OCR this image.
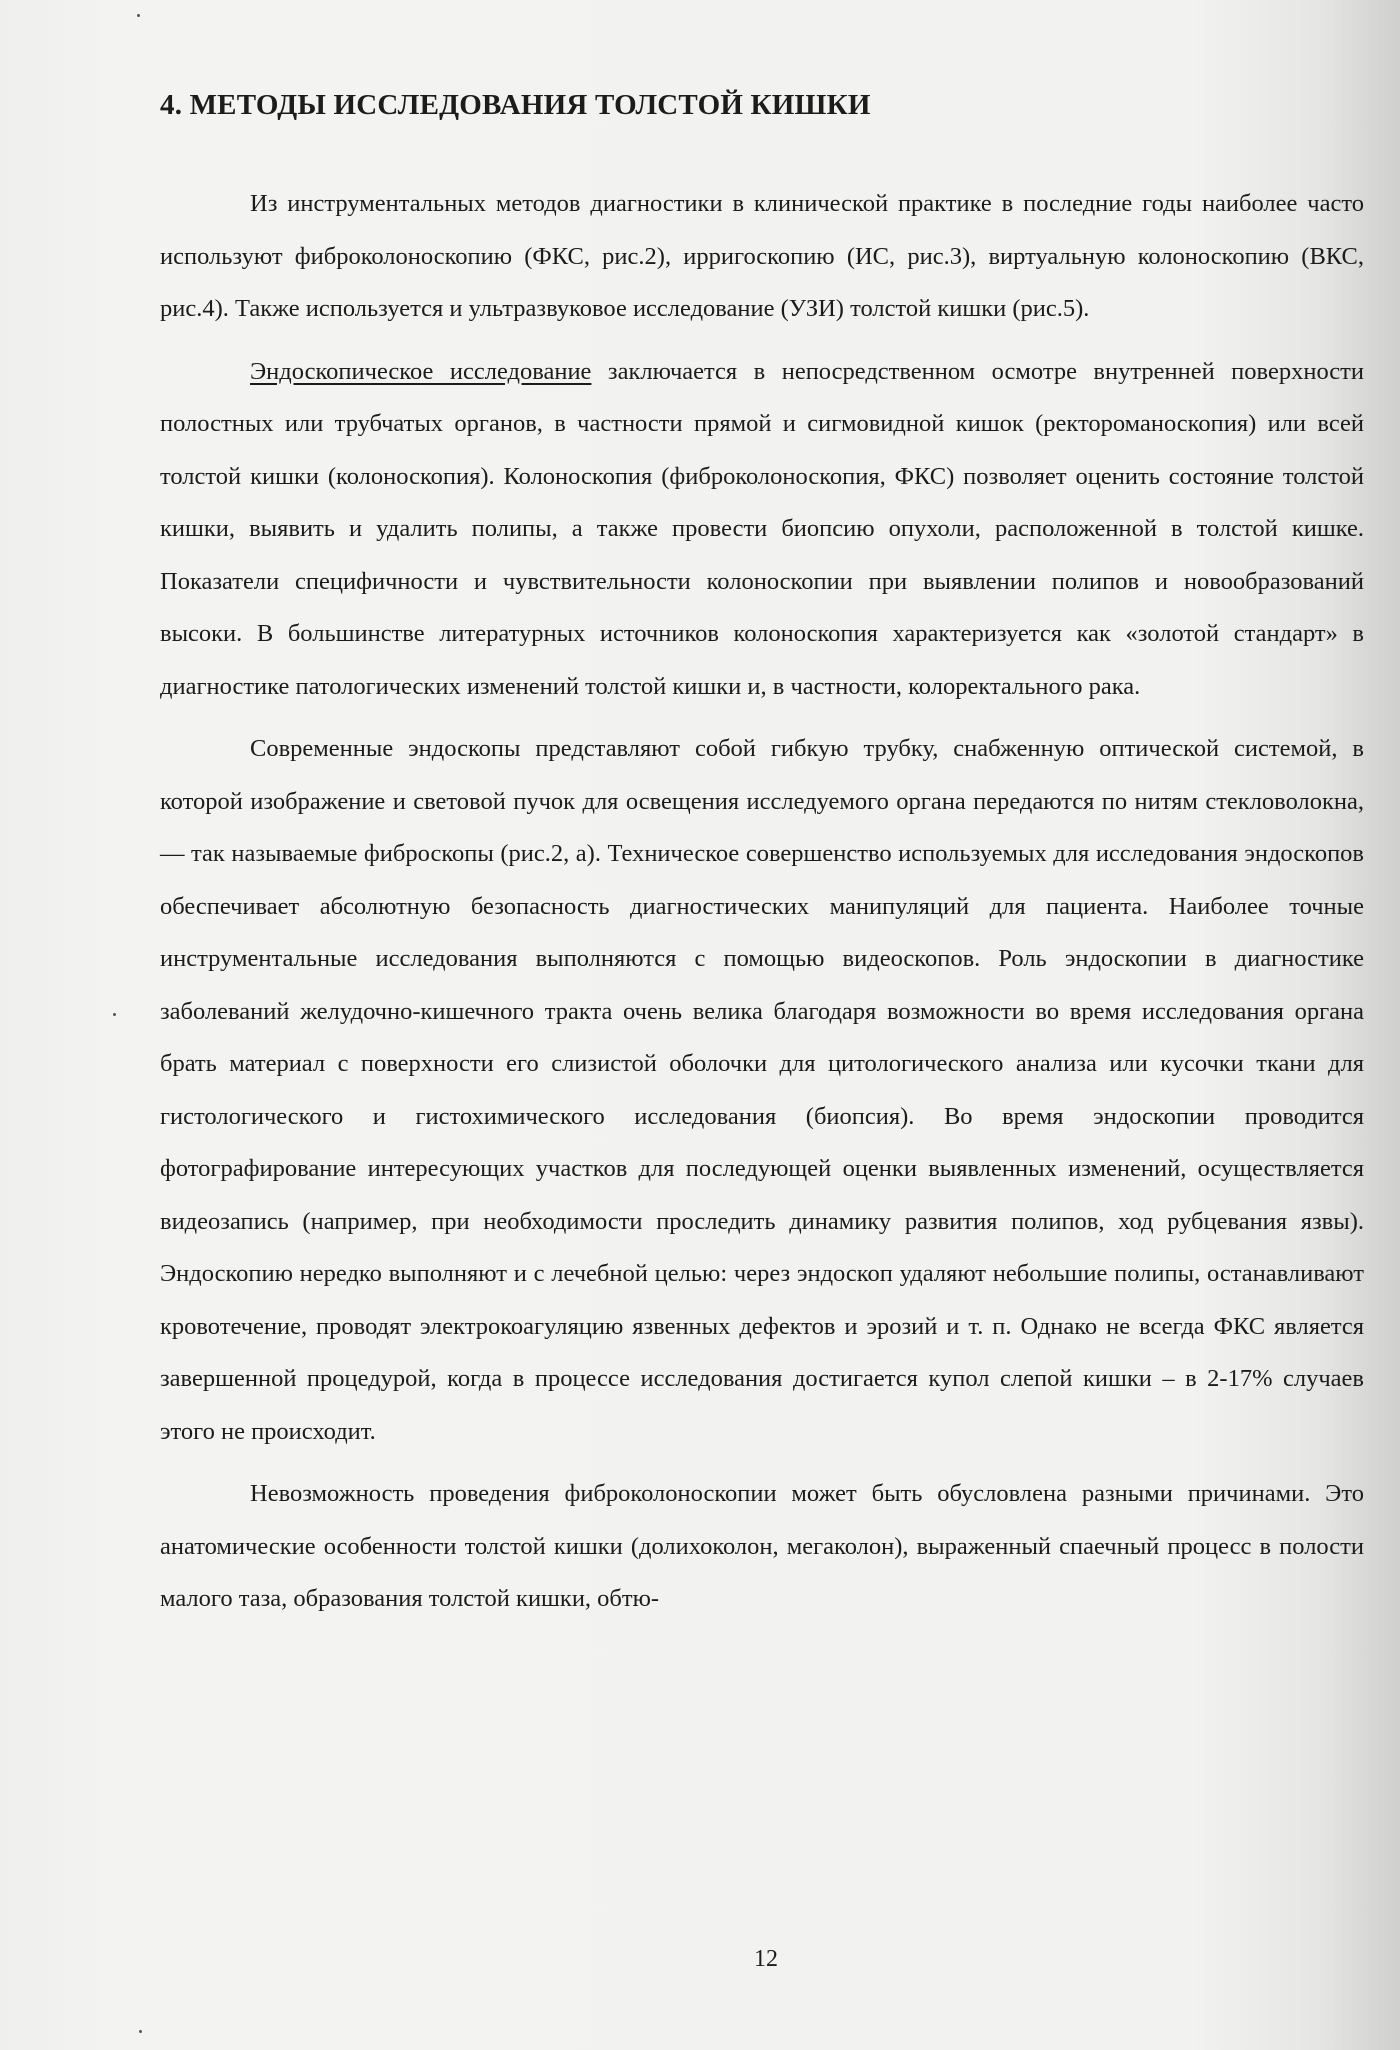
4. МЕТОДЫ ИССЛЕДОВАНИЯ ТОЛСТОЙ КИШКИ

Из инструментальных методов диагностики в клинической практике в последние годы наиболее часто используют фиброколоноскопию (ФКС, рис.2), ирригоскопию (ИС, рис.3), виртуальную колоноскопию (ВКС, рис.4). Также используется и ультразвуковое исследование (УЗИ) толстой кишки (рис.5).

Эндоскопическое исследование заключается в непосредственном осмотре внутренней поверхности полостных или трубчатых органов, в частности прямой и сигмовидной кишок (ректороманоскопия) или всей толстой кишки (колоноскопия). Колоноскопия (фиброколоноскопия, ФКС) позволяет оценить состояние толстой кишки, выявить и удалить полипы, а также провести биопсию опухоли, расположенной в толстой кишке. Показатели специфичности и чувствительности колоноскопии при выявлении полипов и новообразований высоки. В большинстве литературных источников колоноскопия характеризуется как «золотой стандарт» в диагностике патологических изменений толстой кишки и, в частности, колоректального рака.

Современные эндоскопы представляют собой гибкую трубку, снабженную оптической системой, в которой изображение и световой пучок для освещения исследуемого органа передаются по нитям стекловолокна, — так называемые фиброскопы (рис.2, а). Техническое совершенство используемых для исследования эндоскопов обеспечивает абсолютную безопасность диагностических манипуляций для пациента. Наиболее точные инструментальные исследования выполняются с помощью видеоскопов. Роль эндоскопии в диагностике заболеваний желудочно-кишечного тракта очень велика благодаря возможности во время исследования органа брать материал с поверхности его слизистой оболочки для цитологического анализа или кусочки ткани для гистологического и гистохимического исследования (биопсия). Во время эндоскопии проводится фотографирование интересующих участков для последующей оценки выявленных изменений, осуществляется видеозапись (например, при необходимости проследить динамику развития полипов, ход рубцевания язвы). Эндоскопию нередко выполняют и с лечебной целью: через эндоскоп удаляют небольшие полипы, останавливают кровотечение, проводят электрокоагуляцию язвенных дефектов и эрозий и т. п. Однако не всегда ФКС является завершенной процедурой, когда в процессе исследования достигается купол слепой кишки – в 2-17% случаев этого не происходит.

Невозможность проведения фиброколоноскопии может быть обусловлена разными причинами. Это анатомические особенности толстой кишки (долихоколон, мегаколон), выраженный спаечный процесс в полости малого таза, образования толстой кишки, обтю-

12
